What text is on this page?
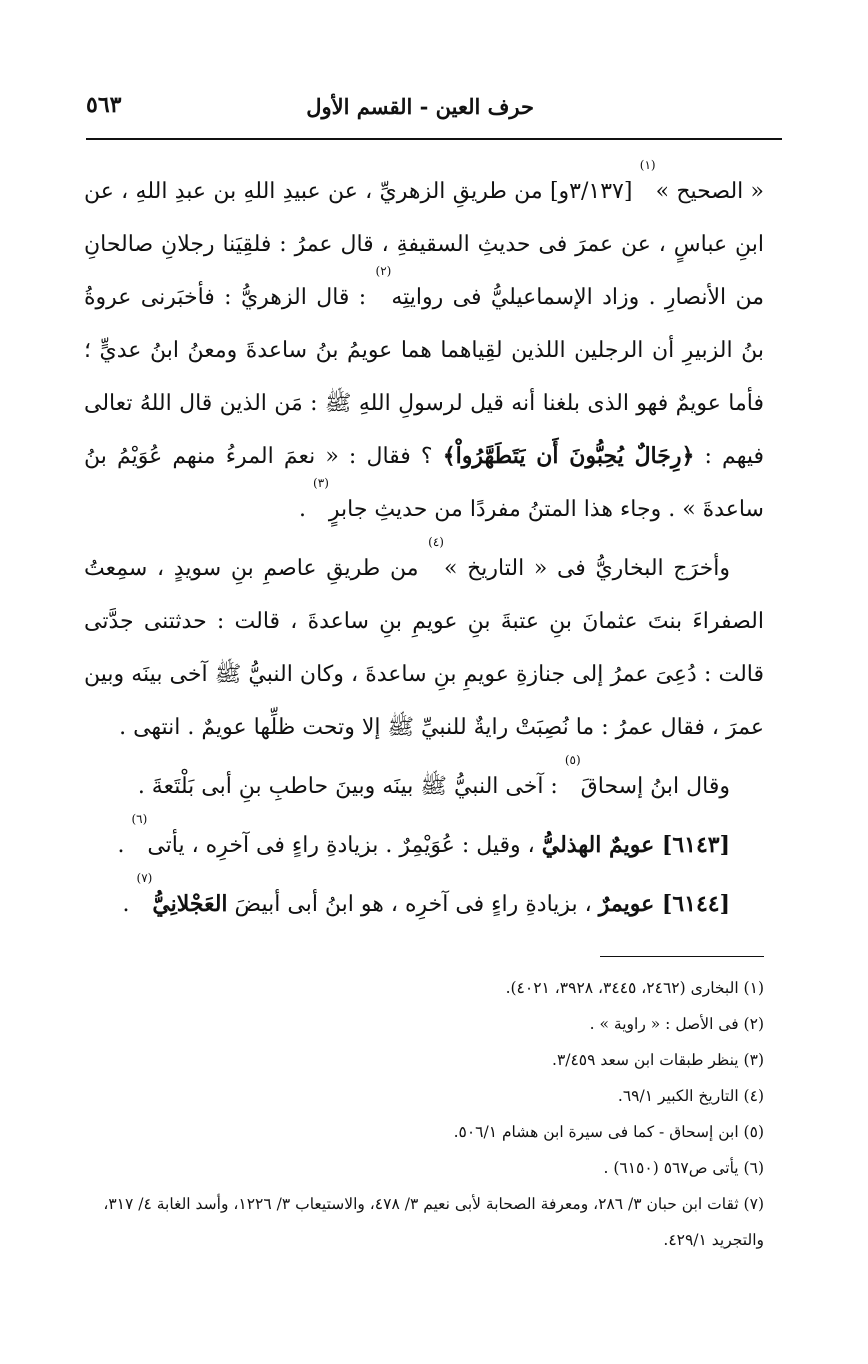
حرف العين - القسم الأول
٥٦٣

« الصحيح »$^{(١)}$ [٣/١٣٧و] من طريقِ الزهريِّ ، عن عبيدِ اللهِ بن عبدِ اللهِ ، عن ابنِ عباسٍ ، عن عمرَ فى حديثِ السقيفةِ ، قال عمرُ : فلقِيَنا رجلانِ صالحانِ من الأنصارِ . وزاد الإسماعيليُّ فى روايتِه$^{(٢)}$ : قال الزهريُّ : فأخبَرنى عروةُ بنُ الزبيرِ أن الرجلين اللذين لقِياهما هما عويمُ بنُ ساعدةَ ومعنُ ابنُ عديٍّ ؛ فأما عويمٌ فهو الذى بلغنا أنه قيل لرسولِ اللهِ ﷺ : مَن الذين قال اللهُ تعالى فيهم : ﴿رِجَالٌ يُحِبُّونَ أَن يَتَطَهَّرُواْ﴾ ؟ فقال : « نعمَ المرءُ منهم عُوَيْمُ بنُ ساعدةَ » . وجاء هذا المتنُ مفردًا من حديثِ جابرٍ$^{(٣)}$ .

وأخرَج البخاريُّ فى « التاريخ »$^{(٤)}$ من طريقِ عاصمِ بنِ سويدٍ ، سمِعتُ الصفراءَ بنتَ عثمانَ بنِ عتبةَ بنِ عويمِ بنِ ساعدةَ ، قالت : حدثتنى جدَّتى قالت : دُعِىَ عمرُ إلى جنازةِ عويمِ بنِ ساعدةَ ، وكان النبيُّ ﷺ آخى بينَه وبين عمرَ ، فقال عمرُ : ما نُصِبَتْ رايةٌ للنبيِّ ﷺ إلا وتحت ظلِّها عويمٌ . انتهى .

وقال ابنُ إسحاقَ$^{(٥)}$ : آخى النبيُّ ﷺ بينَه وبينَ حاطبِ بنِ أبى بَلْتَعةَ .

[٦١٤٣] عويمٌ الهذليُّ ، وقيل : عُوَيْمِرٌ . بزيادةِ راءٍ فى آخرِه ، يأتى$^{(٦)}$ .

[٦١٤٤] عويمرٌ ، بزيادةِ راءٍ فى آخرِه ، هو ابنُ أبى أبيضَ العَجْلانِيُّ$^{(٧)}$ .

(١) البخارى (٢٤٦٢، ٣٤٤٥، ٣٩٢٨، ٤٠٢١).

(٢) فى الأصل : « راوية » .

(٣) ينظر طبقات ابن سعد ٣/٤٥٩.

(٤) التاريخ الكبير ٦٩/١.

(٥) ابن إسحاق - كما فى سيرة ابن هشام ٥٠٦/١.

(٦) يأتى ص٥٦٧ (٦١٥٠) .

(٧) ثقات ابن حبان ٣/ ٢٨٦، ومعرفة الصحابة لأبى نعيم ٣/ ٤٧٨، والاستيعاب ٣/ ١٢٢٦، وأسد الغابة ٤/ ٣١٧، والتجريد ٤٢٩/١.
